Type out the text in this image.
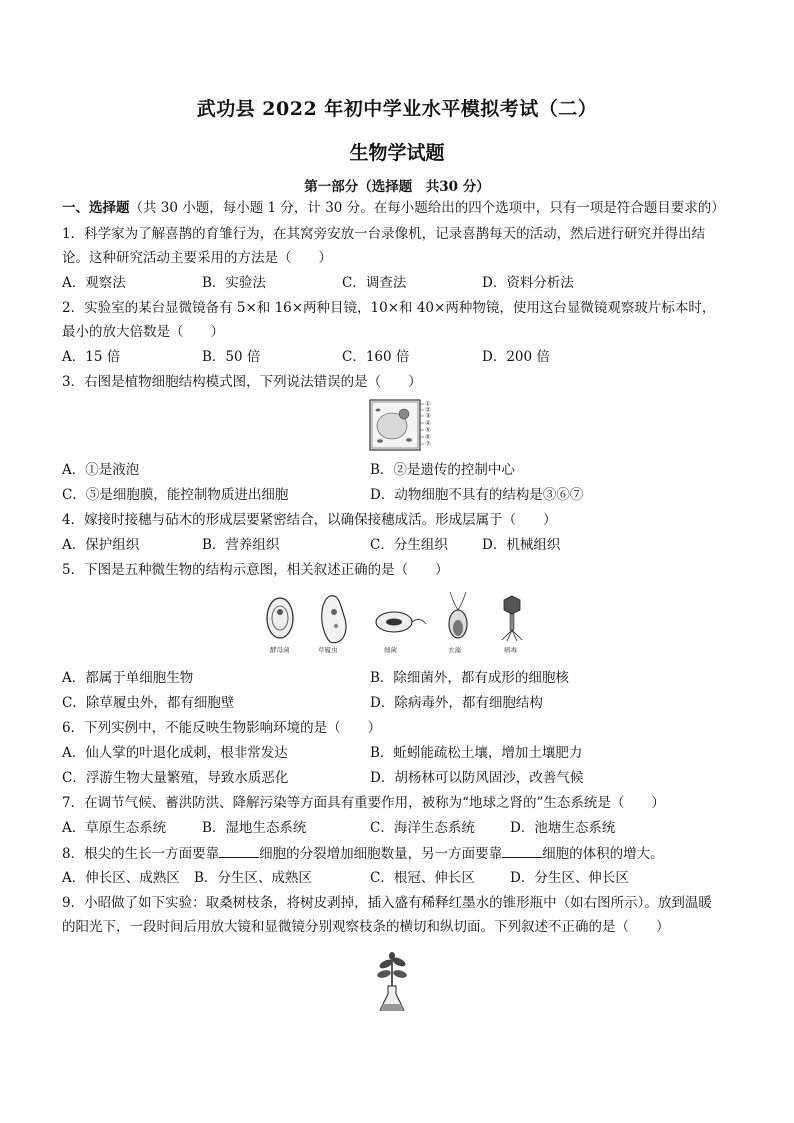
武功县 2022 年初中学业水平模拟考试（二）
生物学试题
第一部分（选择题　共30 分）
一、选择题（共 30 小题，每小题 1 分，计 30 分。在每小题给出的四个选项中，只有一项是符合题目要求的）
1．科学家为了解喜鹊的育雏行为，在其窝旁安放一台录像机，记录喜鹊每天的活动，然后进行研究并得出结
论。这种研究活动主要采用的方法是（　　）
A．观察法	B．实验法	C．调查法	D．资料分析法
2．实验室的某台显微镜备有 5×和 16×两种目镜，10×和 40×两种物镜，使用这台显微镜观察玻片标本时，
最小的放大倍数是（　　）
A．15 倍	B．50 倍	C．160 倍	D．200 倍
3．右图是植物细胞结构模式图，下列说法错误的是（　　）
①
②
③
④
⑤
⑥
⑦
A．①是液泡	B．②是遗传的控制中心
C．⑤是细胞膜，能控制物质进出细胞	D．动物细胞不具有的结构是③⑥⑦
4．嫁接时接穗与砧木的形成层要紧密结合，以确保接穗成活。形成层属于（　　）
A．保护组织	B．营养组织	C．分生组织	D．机械组织
5．下图是五种微生物的结构示意图，相关叙述正确的是（　　）
酵母菌	草履虫	细菌	衣藻	病毒
A．都属于单细胞生物	B．除细菌外，都有成形的细胞核
C．除草履虫外，都有细胞壁	D．除病毒外，都有细胞结构
6．下列实例中，不能反映生物影响环境的是（　　）
A．仙人掌的叶退化成刺，根非常发达	B．蚯蚓能疏松土壤，增加土壤肥力
C．浮游生物大量繁殖，导致水质恶化	D．胡杨林可以防风固沙，改善气候
7．在调节气候、蓄洪防洪、降解污染等方面具有重要作用，被称为“地球之肾的”生态系统是（　　）
A．草原生态系统	B．湿地生态系统	C．海洋生态系统	D．池塘生态系统
8．根尖的生长一方面要靠	细胞的分裂增加细胞数量，另一方面要靠	细胞的体积的增大。
A．伸长区、成熟区 B．分生区、成熟区	C．根冠、伸长区	D．分生区、伸长区
9．小昭做了如下实验：取桑树枝条，将树皮剥掉，插入盛有稀释红墨水的锥形瓶中（如右图所示）。放到温暖
的阳光下，一段时间后用放大镜和显微镜分别观察枝条的横切和纵切面。下列叙述不正确的是（　　）
